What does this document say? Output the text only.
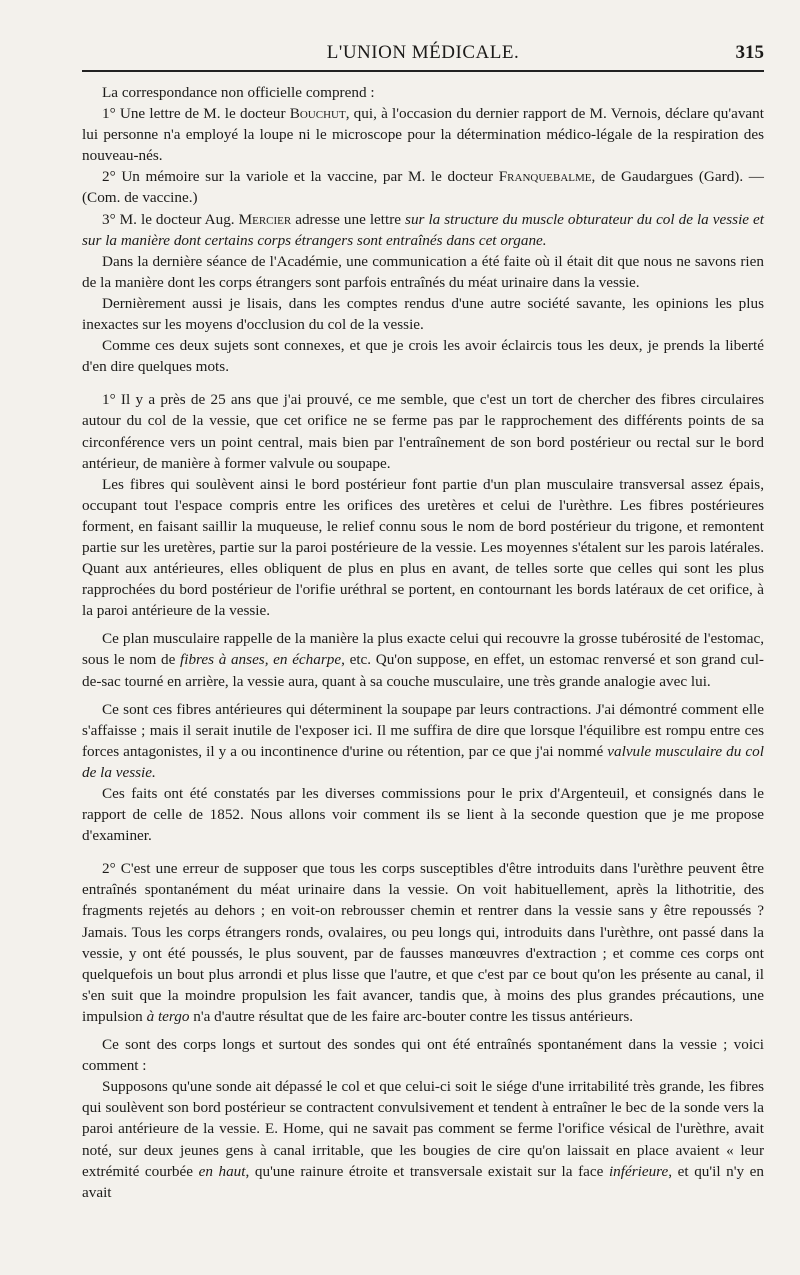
L'UNION MÉDICALE.	315

La correspondance non officielle comprend :

1° Une lettre de M. le docteur Bouchut, qui, à l'occasion du dernier rapport de M. Vernois, déclare qu'avant lui personne n'a employé la loupe ni le microscope pour la détermination médico-légale de la respiration des nouveau-nés.

2° Un mémoire sur la variole et la vaccine, par M. le docteur Franquebalme, de Gaudargues (Gard). — (Com. de vaccine.)

3° M. le docteur Aug. Mercier adresse une lettre sur la structure du muscle obturateur du col de la vessie et sur la manière dont certains corps étrangers sont entraînés dans cet organe.

Dans la dernière séance de l'Académie, une communication a été faite où il était dit que nous ne savons rien de la manière dont les corps étrangers sont parfois entraînés du méat urinaire dans la vessie.

Dernièrement aussi je lisais, dans les comptes rendus d'une autre société savante, les opinions les plus inexactes sur les moyens d'occlusion du col de la vessie.

Comme ces deux sujets sont connexes, et que je crois les avoir éclaircis tous les deux, je prends la liberté d'en dire quelques mots.

1° Il y a près de 25 ans que j'ai prouvé, ce me semble, que c'est un tort de chercher des fibres circulaires autour du col de la vessie, que cet orifice ne se ferme pas par le rapprochement des différents points de sa circonférence vers un point central, mais bien par l'entraînement de son bord postérieur ou rectal sur le bord antérieur, de manière à former valvule ou soupape.

Les fibres qui soulèvent ainsi le bord postérieur font partie d'un plan musculaire transversal assez épais, occupant tout l'espace compris entre les orifices des uretères et celui de l'urèthre. Les fibres postérieures forment, en faisant saillir la muqueuse, le relief connu sous le nom de bord postérieur du trigone, et remontent partie sur les uretères, partie sur la paroi postérieure de la vessie. Les moyennes s'étalent sur les parois latérales. Quant aux antérieures, elles obliquent de plus en plus en avant, de telles sorte que celles qui sont les plus rapprochées du bord postérieur de l'orifie uréthral se portent, en contournant les bords latéraux de cet orifice, à la paroi antérieure de la vessie.

Ce plan musculaire rappelle de la manière la plus exacte celui qui recouvre la grosse tubérosité de l'estomac, sous le nom de fibres à anses, en écharpe, etc. Qu'on suppose, en effet, un estomac renversé et son grand cul-de-sac tourné en arrière, la vessie aura, quant à sa couche musculaire, une très grande analogie avec lui.

Ce sont ces fibres antérieures qui déterminent la soupape par leurs contractions. J'ai démontré comment elle s'affaisse ; mais il serait inutile de l'exposer ici. Il me suffira de dire que lorsque l'équilibre est rompu entre ces forces antagonistes, il y a ou incontinence d'urine ou rétention, par ce que j'ai nommé valvule musculaire du col de la vessie.

Ces faits ont été constatés par les diverses commissions pour le prix d'Argenteuil, et consignés dans le rapport de celle de 1852. Nous allons voir comment ils se lient à la seconde question que je me propose d'examiner.

2° C'est une erreur de supposer que tous les corps susceptibles d'être introduits dans l'urèthre peuvent être entraînés spontanément du méat urinaire dans la vessie. On voit habituellement, après la lithotritie, des fragments rejetés au dehors ; en voit-on rebrousser chemin et rentrer dans la vessie sans y être repoussés ? Jamais. Tous les corps étrangers ronds, ovalaires, ou peu longs qui, introduits dans l'urèthre, ont passé dans la vessie, y ont été poussés, le plus souvent, par de fausses manœuvres d'extraction ; et comme ces corps ont quelquefois un bout plus arrondi et plus lisse que l'autre, et que c'est par ce bout qu'on les présente au canal, il s'en suit que la moindre propulsion les fait avancer, tandis que, à moins des plus grandes précautions, une impulsion à tergo n'a d'autre résultat que de les faire arc-bouter contre les tissus antérieurs.

Ce sont des corps longs et surtout des sondes qui ont été entraînés spontanément dans la vessie ; voici comment :

Supposons qu'une sonde ait dépassé le col et que celui-ci soit le siége d'une irritabilité très grande, les fibres qui soulèvent son bord postérieur se contractent convulsivement et tendent à entraîner le bec de la sonde vers la paroi antérieure de la vessie. E. Home, qui ne savait pas comment se ferme l'orifice vésical de l'urèthre, avait noté, sur deux jeunes gens à canal irritable, que les bougies de cire qu'on laissait en place avaient « leur extrémité courbée en haut, qu'une rainure étroite et transversale existait sur la face inférieure, et qu'il n'y en avait
